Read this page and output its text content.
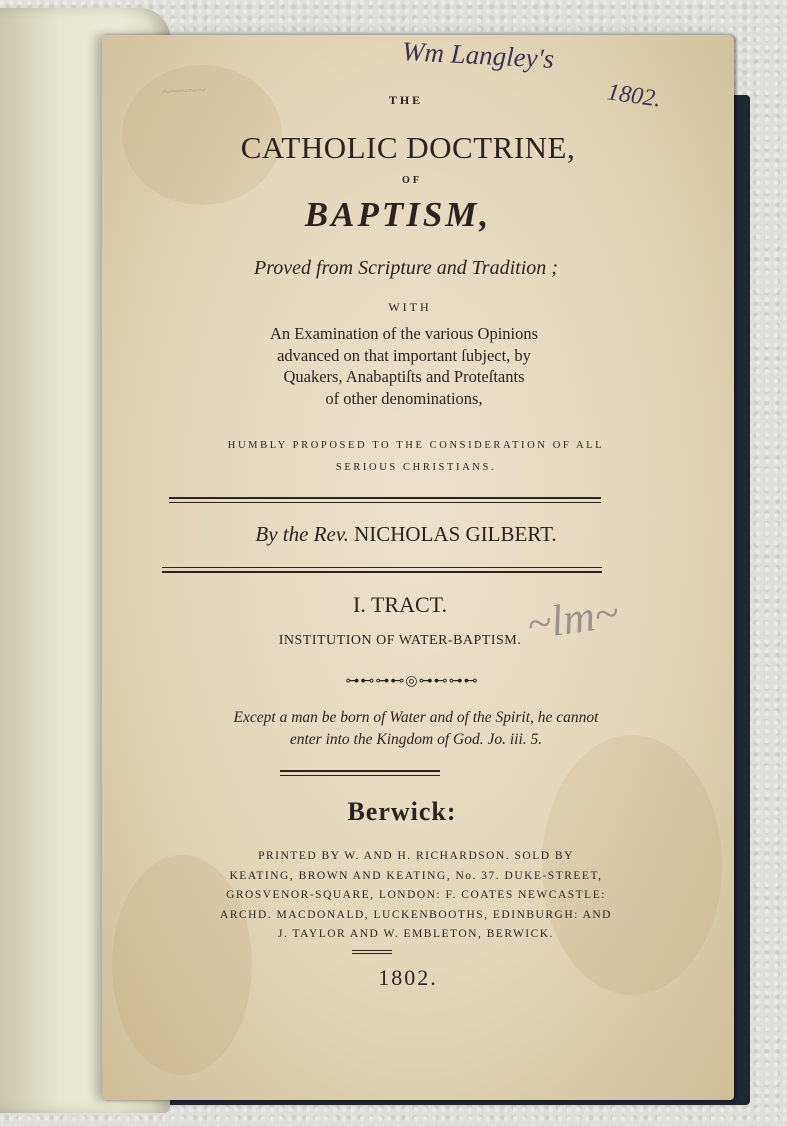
~~~~~
Wm Langley's
1802.
THE
CATHOLIC DOCTRINE,
OF
BAPTISM,
Proved from Scripture and Tradition ;
WITH
An Examination of the various Opinions
advanced on that important ſubject, by
Quakers, Anabaptiſts and Proteſtants
of other denominations,
HUMBLY PROPOSED TO THE CONSIDERATION OF ALL
SERIOUS CHRISTIANS.
By the Rev. NICHOLAS GILBERT.
I. TRACT.
INSTITUTION OF WATER-BAPTISM. ~lm~
⊶⊷⊶⊷◎⊶⊷⊶⊷
Except a man be born of Water and of the Spirit, he cannot
enter into the Kingdom of God. Jo. iii. 5.
Berwick:
PRINTED BY W. AND H. RICHARDSON. SOLD BY
KEATING, BROWN AND KEATING, No. 37. DUKE-STREET,
GROSVENOR-SQUARE, LONDON: F. COATES NEWCASTLE:
ARCHD. MACDONALD, LUCKENBOOTHS, EDINBURGH: AND
J. TAYLOR AND W. EMBLETON, BERWICK.
1802.
